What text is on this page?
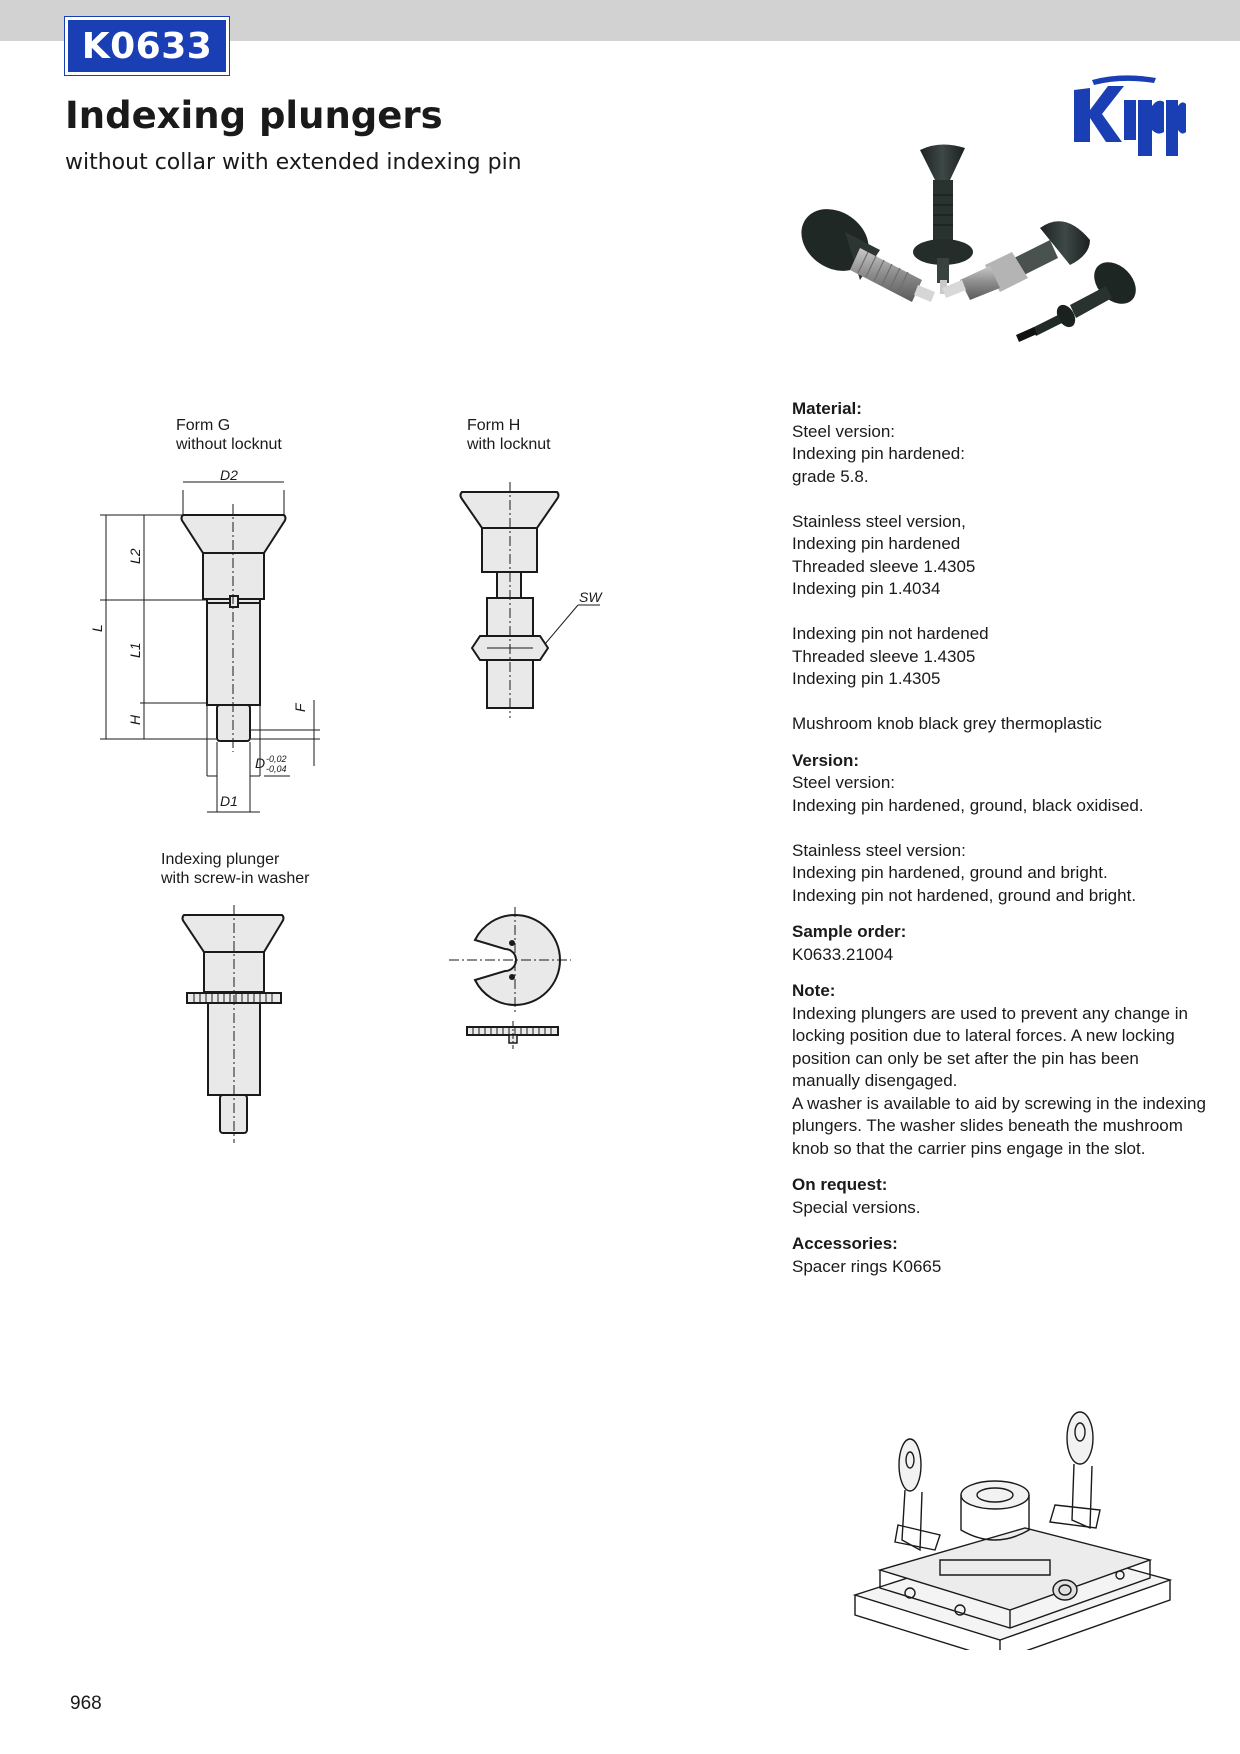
K0633
Indexing plungers

without collar with extended indexing pin

Form G
without locknut
Form H
with locknut
D2
L
L2
L1
H
F
D -0,02
-0,04
D1
SW
Indexing plunger
with screw-in washer
Material:
Steel version:
Indexing pin hardened:
grade 5.8.
Stainless steel version,
Indexing pin hardened
Threaded sleeve 1.4305
Indexing pin 1.4034
Indexing pin not hardened
Threaded sleeve 1.4305
Indexing pin 1.4305
Mushroom knob black grey thermoplastic
Version:
Steel version:
Indexing pin hardened, ground, black oxidised.
Stainless steel version:
Indexing pin hardened, ground and bright.
Indexing pin not hardened, ground and bright.
Sample order:
K0633.21004
Note:
Indexing plungers are used to prevent any change in
locking position due to lateral forces. A new locking
position can only be set after the pin has been
manually disengaged.
A washer is available to aid by screwing in the indexing
plungers. The washer slides beneath the mushroom
knob so that the carrier pins engage in the slot.
On request:
Special versions.
Accessories:
Spacer rings K0665
968
